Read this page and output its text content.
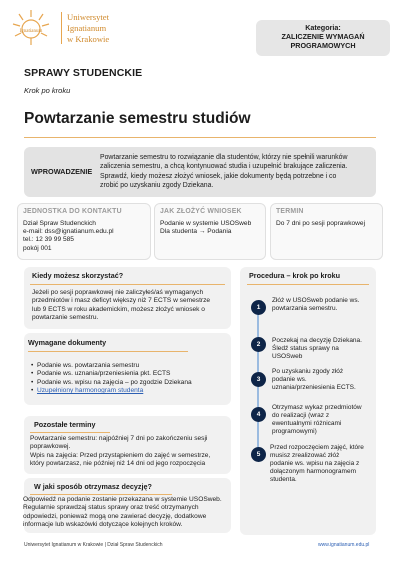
Ignatianum
Uniwersytet
Ignatianum
w Krakowie
Kategoria:
ZALICZENIE WYMAGAŃ
PROGRAMOWYCH
SPRAWY STUDENCKIE
Krok po kroku
Powtarzanie semestru studiów
WPROWADZENIE
Powtarzanie semestru to rozwiązanie dla studentów, którzy nie spełnili warunków
zaliczenia semestru, a chcą kontynuować studia i uzupełnić brakujące zaliczenia.
Sprawdź, kiedy możesz złożyć wniosek, jakie dokumenty będą potrzebne i co
zrobić po uzyskaniu zgody Dziekana.
JEDNOSTKA DO KONTAKTU
Dział Spraw Studenckich
e-mail: dss@ignatianum.edu.pl
tel.: 12 39 99 585
pokój 001
JAK ZŁOŻYĆ WNIOSEK
Podanie w systemie USOSweb
Dla studenta → Podania
TERMIN
Do 7 dni po sesji poprawkowej
Kiedy możesz skorzystać?
Jeżeli po sesji poprawkowej nie zaliczyłeś/aś wymaganych
przedmiotów i masz deficyt większy niż 7 ECTS w semestrze
lub 9 ECTS w roku akademickim, możesz złożyć wniosek o
powtarzanie semestru.
Wymagane dokumenty
• Podanie ws. powtarzania semestru
• Podanie ws. uznania/przeniesienia pkt. ECTS
• Podanie ws. wpisu na zajęcia – po zgodzie Dziekana
• Uzupełniony harmonogram studenta
Pozostałe terminy
Powtarzanie semestru: najpóźniej 7 dni po zakończeniu sesji
poprawkowej.
Wpis na zajęcia: Przed przystąpieniem do zajęć w semestrze,
który powtarzasz, nie później niż 14 dni od jego rozpoczęcia
W jaki sposób otrzymasz decyzję?
Odpowiedź na podanie zostanie przekazana w systemie USOSweb.
Regularnie sprawdzaj status sprawy oraz treść otrzymanych
odpowiedzi, ponieważ mogą one zawierać decyzję, dodatkowe
informacje lub wskazówki dotyczące kolejnych kroków.
Procedura – krok po kroku
1
Złóż w USOSweb podanie ws.
powtarzania semestru.
2
Poczekaj na decyzję Dziekana.
Śledź status sprawy na
USOSweb
3
Po uzyskaniu zgody złóż
podanie ws.
uznania/przeniesienia ECTS.
4
Otrzymasz wykaz przedmiotów
do realizacji (wraz z
ewentualnymi różnicami
programowymi)
5
Przed rozpoczęciem zajęć, które
musisz zrealizować złóż
podanie ws. wpisu na zajęcia z
dołączonym harmonogramem
studenta.
Uniwersytet Ignatianum w Krakowie | Dział Spraw Studenckich	www.ignatianum.edu.pl
